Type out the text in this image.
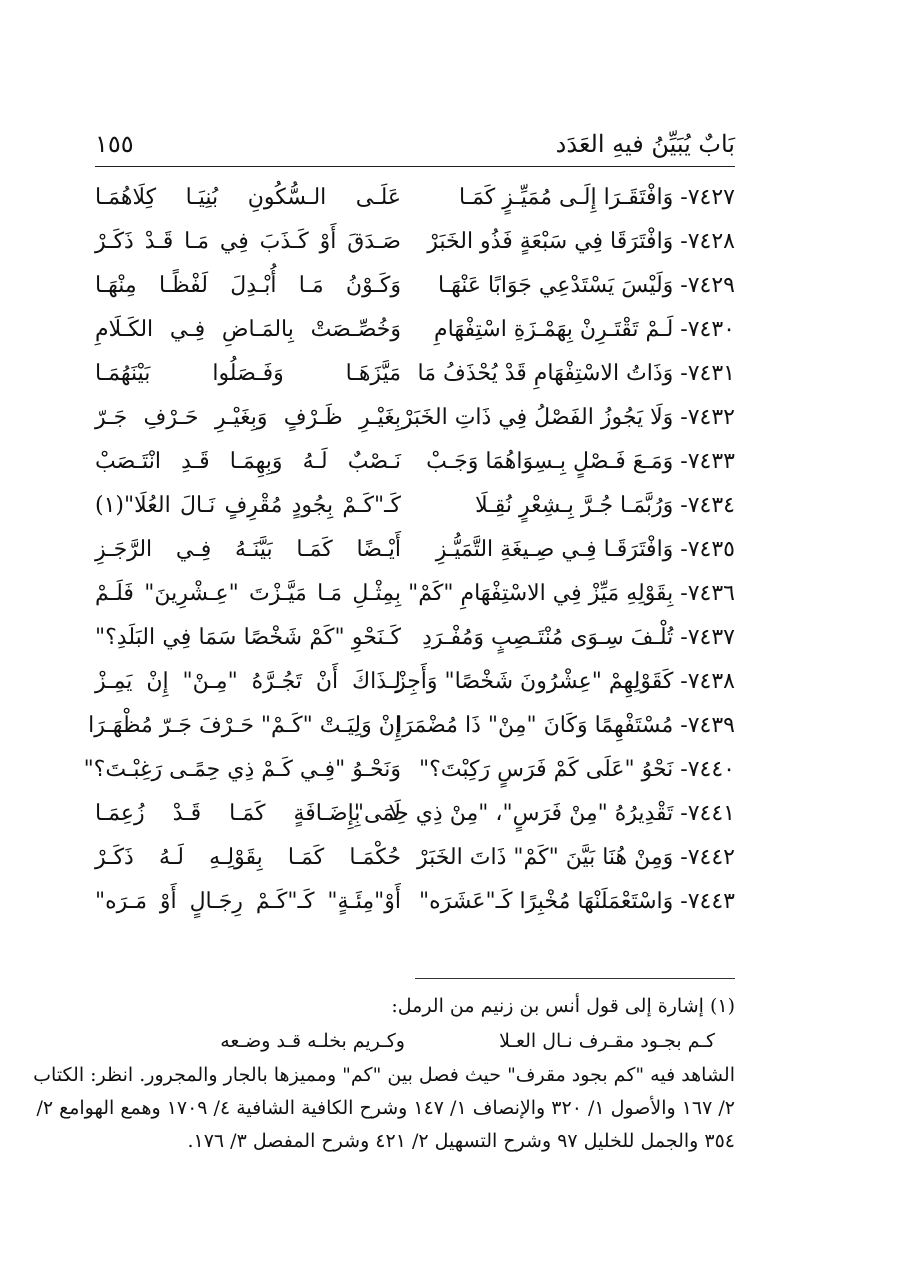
بَابٌ يُبَيِّنُ فيهِ العَدَد
١٥٥
٧٤٢٧- وَافْتَقَـرَا إِلَـى مُمَيِّـزٍ كَمَـا
عَلَـى الـسُّكُونِ بُنِيَـا كِلَاهُمَـا
٧٤٢٨- وَافْتَرَقَا فِي سَبْعَةٍ فَذُو الخَبَرْ
صَـدَقَ أَوْ كَـذَبَ فِي مَـا قَـدْ ذَكَـرْ
٧٤٢٩- وَلَيْسَ يَسْتَدْعِي جَوَابًا عَنْهَـا
وَكَـوْنُ مَـا أُبْـدِلَ لَفْظًـا مِنْهَـا
٧٤٣٠- لَـمْ تَقْتَـرِنْ بِهَمْـزَةِ اسْتِفْهَامِ
وَخُصِّـصَتْ بِالمَـاضِ فِـي الكَـلَامِ
٧٤٣١- وَذَاتُ الاسْتِفْهَامِ قَدْ يُحْذَفُ مَا
مَيَّزَهَـا وَفَـصَلُوا بَيْنَهُمَـا
٧٤٣٢- وَلَا يَجُوزُ الفَصْلُ فِي ذَاتِ الخَبَرْ
بِغَيْـرِ ظَـرْفٍ وَبِغَيْـرِ حَـرْفِ جَـرّ
٧٤٣٣- وَمَـعَ فَـصْلٍ بِـسِوَاهُمَا وَجَـبْ
نَـصْبٌ لَـهُ وَبِهِمَـا قَـدِ انْتَـصَبْ
٧٤٣٤- وَرُبَّمَـا جُـرَّ بِـشِعْرٍ نُقِـلَا
كَـ"كَـمْ بِجُودٍ مُقْرِفٍ نَـالَ العُلَا"(١)
٧٤٣٥- وَافْتَرَقَـا فِـي صِـيغَةِ التَّمَيُّـزِ
أَيْـضًا كَمَـا بَيَّنَـهُ فِـي الرَّجَـزِ
٧٤٣٦- بِقَوْلِهِ مَيِّزْ فِي الاسْتِفْهَامِ "كَمْ"
بِمِثْـلِ مَـا مَيَّـزْتَ "عِـشْرِينَ" فَلَـمْ
٧٤٣٧- تُلْـفَ سِـوَى مُنْتَـصِبٍ وَمُفْـرَدِ
كَـنَحْوِ "كَمْ شَخْصًا سَمَا فِي البَلَدِ؟"
٧٤٣٨- كَقَوْلِهِمْ "عِشْرُونَ شَخْصًا" وَأَجِزْ
لِـذَاكَ أَنْ تَجُـرَّهُ "مِـنْ" إِنْ يَمِـزْ
٧٤٣٩- مُسْتَفْهِمًا وَكَانَ "مِنْ" ذَا مُضْمَرَا
إِنْ وَلِيَـتْ "كَـمْ" حَـرْفَ جَـرّ مُظْهَـرَا
٧٤٤٠- نَحْوُ "عَلَى كَمْ فَرَسٍ رَكِبْتَ؟"
وَنَحْـوُ "فِـي كَـمْ ذِي حِمًـى رَغِبْـتَ؟"
٧٤٤١- تَقْدِيرُهُ "مِنْ فَرَسٍ"، "مِنْ ذِي حِمَى"
لَا بِإِضَـافَةٍ كَمَـا قَـدْ زُعِمَـا
٧٤٤٢- وَمِنْ هُنَا بَيَّنَ "كَمْ" ذَاتَ الخَبَرْ
حُكْمَـا كَمَـا بِقَوْلِـهِ لَـهُ ذَكَـرْ
٧٤٤٣- وَاسْتَعْمَلَنْهَا مُخْبِرًا كَـ"عَشَرَه"
أَوْ"مِئَـةٍ" كَـ"كَـمْ رِجَـالٍ أَوْ مَـرَه"
(١) إشارة إلى قول أنس بن زنيم من الرمل:
كـم بجـود مقـرف نـال العـلا
وكـريم بخلـه قـد وضـعه
الشاهد فيه "كم بجود مقرف" حيث فصل بين "كم" ومميزها بالجار والمجرور. انظر: الكتاب
٢/ ١٦٧ والأصول ١/ ٣٢٠ والإنصاف ١/ ١٤٧ وشرح الكافية الشافية ٤/ ١٧٠٩ وهمع الهوامع ٢/
٣٥٤ والجمل للخليل ٩٧ وشرح التسهيل ٢/ ٤٢١ وشرح المفصل ٣/ ١٧٦.
